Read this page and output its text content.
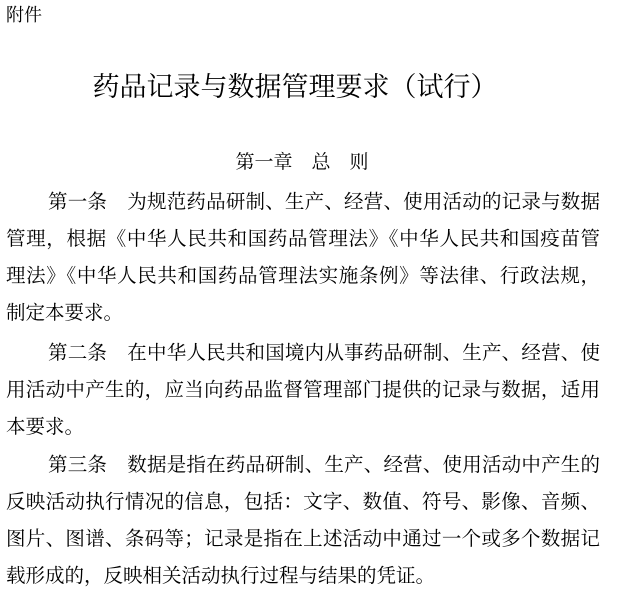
附件
药品记录与数据管理要求（试行）
第一章　总　则
第一条 为规范药品研制、生产、经营、使用活动的记录与数据管理，根据《中华人民共和国药品管理法》《中华人民共和国疫苗管理法》《中华人民共和国药品管理法实施条例》等法律、行政法规，制定本要求。
第二条 在中华人民共和国境内从事药品研制、生产、经营、使用活动中产生的，应当向药品监督管理部门提供的记录与数据，适用本要求。
第三条 数据是指在药品研制、生产、经营、使用活动中产生的反映活动执行情况的信息，包括：文字、数值、符号、影像、音频、图片、图谱、条码等；记录是指在上述活动中通过一个或多个数据记载形成的，反映相关活动执行过程与结果的凭证。
